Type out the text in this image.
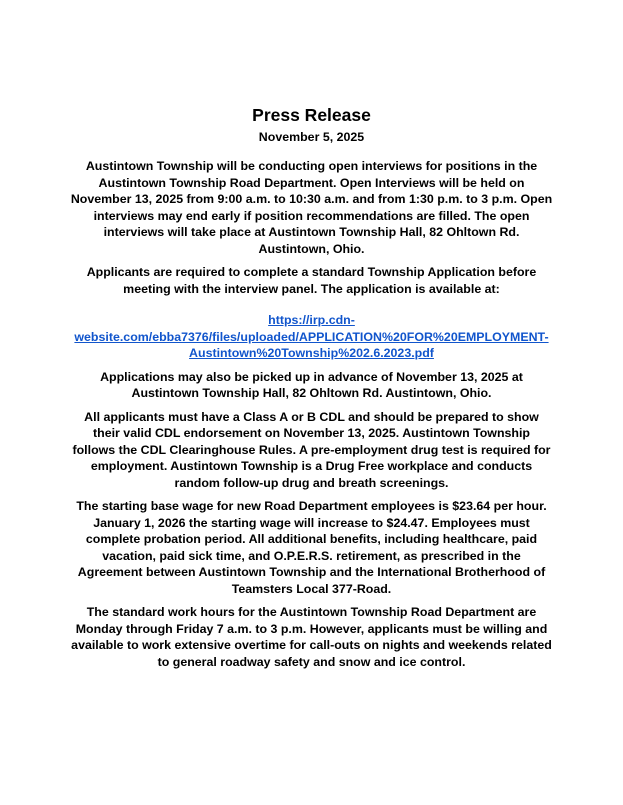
Press Release

November 5, 2025

Austintown Township will be conducting open interviews for positions in the Austintown Township Road Department. Open Interviews will be held on November 13, 2025 from 9:00 a.m. to 10:30 a.m. and from 1:30 p.m. to 3 p.m. Open interviews may end early if position recommendations are filled. The open interviews will take place at Austintown Township Hall, 82 Ohltown Rd. Austintown, Ohio.

Applicants are required to complete a standard Township Application before meeting with the interview panel. The application is available at:

https://irp.cdn-
website.com/ebba7376/files/uploaded/APPLICATION%20FOR%20EMPLOYMENT-
Austintown%20Township%202.6.2023.pdf

Applications may also be picked up in advance of November 13, 2025 at Austintown Township Hall, 82 Ohltown Rd. Austintown, Ohio.

All applicants must have a Class A or B CDL and should be prepared to show their valid CDL endorsement on November 13, 2025. Austintown Township follows the CDL Clearinghouse Rules. A pre-employment drug test is required for employment. Austintown Township is a Drug Free workplace and conducts random follow-up drug and breath screenings.

The starting base wage for new Road Department employees is $23.64 per hour. January 1, 2026 the starting wage will increase to $24.47. Employees must complete probation period. All additional benefits, including healthcare, paid vacation, paid sick time, and O.P.E.R.S. retirement, as prescribed in the Agreement between Austintown Township and the International Brotherhood of Teamsters Local 377-Road.

The standard work hours for the Austintown Township Road Department are Monday through Friday 7 a.m. to 3 p.m. However, applicants must be willing and available to work extensive overtime for call-outs on nights and weekends related to general roadway safety and snow and ice control.
